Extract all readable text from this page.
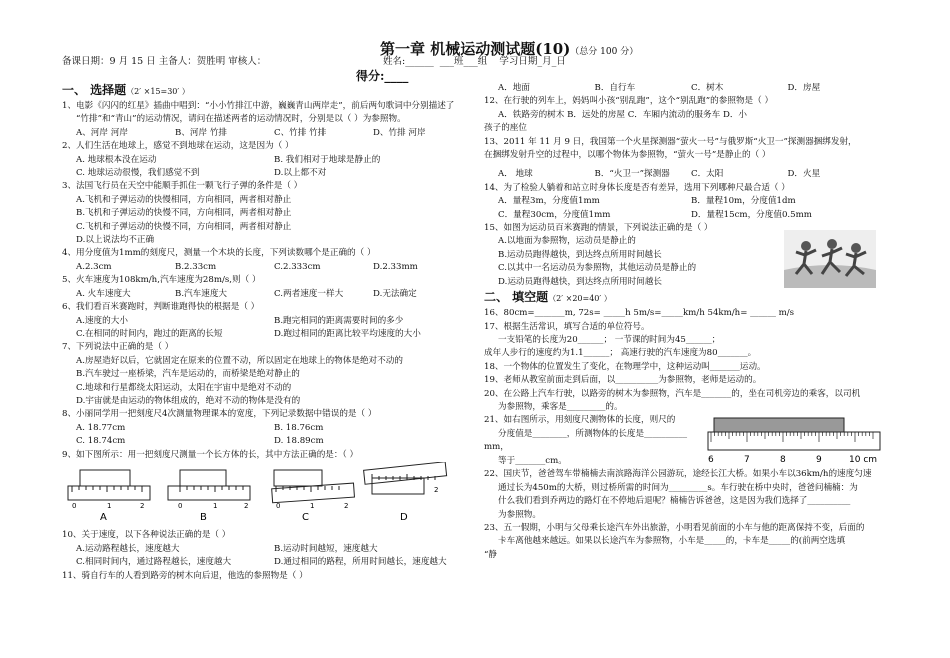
第一章 机械运动测试题(10)（总分 100 分）
备课日期：9 月 15 日 主备人：贺胜明 审核人：	姓名:______  ___班___组    学习日期_月_日
得分:____
一、 选择题（2′ ×15=30′ ）
1、电影《闪闪的红星》插曲中唱到：“小小竹排江中游，巍巍青山两岸走”，前后两句歌词中分别描述了
“竹排”和“青山”的运动情况，请问在描述两者的运动情况时，分别是以（ ）为参照物。
A、河岸 河岸	B、河岸 竹排	C、竹排 竹排	D、竹排 河岸
2、人们生活在地球上，感觉不到地球在运动，这是因为（ ）
A. 地球根本没在运动	B. 我们相对于地球是静止的
C. 地球运动很慢，我们感觉不到	D.以上都不对
3、法国飞行员在天空中能顺手抓住一颗飞行子弹的条件是（ ）
A.飞机和子弹运动的快慢相同，方向相同，两者相对静止
B.飞机和子弹运动的快慢不同，方向相同，两者相对静止
C.飞机和子弹运动的快慢不同，方向相同，两者相对静止
D.以上说法均不正确
4、用分度值为1mm的刻度尺，测量一个木块的长度，下列读数哪个是正确的（ ）
A.2.3cm	B.2.33cm	C.2.333cm	D.2.33mm
5、火车速度为108km/h,汽车速度为28m/s,则（ ）
A. 火车速度大	B.汽车速度大	C.两者速度一样大	D.无法确定
6、我们看百米赛跑时，判断谁跑得快的根据是（ ）
A.速度的大小	B.跑完相同的距离需要时间的多少
C.在相同的时间内，跑过的距离的长短	D.跑过相同的距离比较平均速度的大小
7、下列说法中正确的是（ ）
A.房屋造好以后，它就固定在原来的位置不动，所以固定在地球上的物体是绝对不动的
B.汽车驶过一座桥梁，汽车是运动的，而桥梁是绝对静止的
C.地球和行星都绕太阳运动，太阳在宇宙中是绝对不动的
D.宇宙就是由运动的物体组成的，绝对不动的物体是没有的
8、小丽同学用一把刻度尺4次测量物理课本的宽度，下列记录数据中错误的是（ ）
A. 18.77cm	B. 18.76cm
C. 18.74cm	D. 18.89cm
9、如下图所示：用一把刻度尺测量一个长方体的长，其中方法正确的是：（ ）
0	1	2
A
0	1	2
B
0	1	2
C
2
D
10、关于速度，以下各种说法正确的是（ ）
A.运动路程越长，速度越大	B.运动时间越短，速度越大
C.相同时间内，通过路程越长，速度越大	D.通过相同的路程，所用时间越长，速度越大
11、骑自行车的人看到路旁的树木向后退，他选的参照物是（ ）
A．地面	B．自行车	C．树木	D．房屋
12、在行驶的列车上，妈妈叫小孩“别乱跑”，这个“别乱跑”的参照物是（ ）
A．铁路旁的树木 B．远处的房屋 C．车厢内流动的服务车 D．小
孩子的座位
13、2011 年 11 月 9 日，我国第一个火星探测器“萤火一号”与俄罗斯“火卫一”探测器捆绑发射，
在捆绑发射升空的过程中，以哪个物体为参照物，“萤火一号”是静止的（ ）
A． 地球	B．“火卫一”探测器	C．太阳	D．火星
14、为了检验人躺着和站立时身体长度是否有差异，选用下列哪种尺最合适（ ）
A．量程3m，分度值1mm	B．量程10m，分度值1dm
C．量程30cm，分度值1mm	D．量程15cm，分度值0.5mm
15、如图为运动员百米赛跑的情景，下列说法正确的是（ ）
A.以地面为参照物，运动员是静止的
B.运动员跑得越快，到达终点所用时间越长
C.以其中一名运动员为参照物，其他运动员是静止的
D.运动员跑得越快，到达终点所用时间越长
二、 填空题（2′ ×20=40′ ）
16、80cm=_______m, 72s= _____h 5m/s=_____km/h 54km/h= ______ m/s
17、根据生活常识，填写合适的单位符号。
一支铅笔的长度为20______； 一节课的时间为45______；
成年人步行的速度约为1.1______； 高速行驶的汽车速度为80_______。
18、一个物体的位置发生了变化，在物理学中，这种运动叫_______运动。
19、老师从教室前面走到后面，以__________为参照物，老师是运动的。
20、在公路上汽车行驶，以路旁的树木为参照物，汽车是_______的，坐在司机旁边的乘客，以司机
为参照物，乘客是_________的。
21、如右图所示，用刻度尺测物体的长度，则尺的
分度值是________，所测物体的长度是__________
mm，
等于_______cm。	6	7	8	9	10 cm
22、国庆节，爸爸驾车带楠楠去南滨路海洋公园游玩，途经长江大桥。如果小车以36km/h的速度匀速
通过长为450m的大桥，则过桥所需的时间为_________s。车行驶在桥中央时，爸爸问楠楠：为
什么我们看到乔两边的路灯在不停地后退呢？楠楠告诉爸爸，这是因为我们选择了__________
为参照物。
23、五一假期，小明与父母乘长途汽车外出旅游，小明看见前面的小车与他的距离保持不变，后面的
卡车离他越来越远。如果以长途汽车为参照物，小车是_____的，卡车是_____的(前两空选填
“静
